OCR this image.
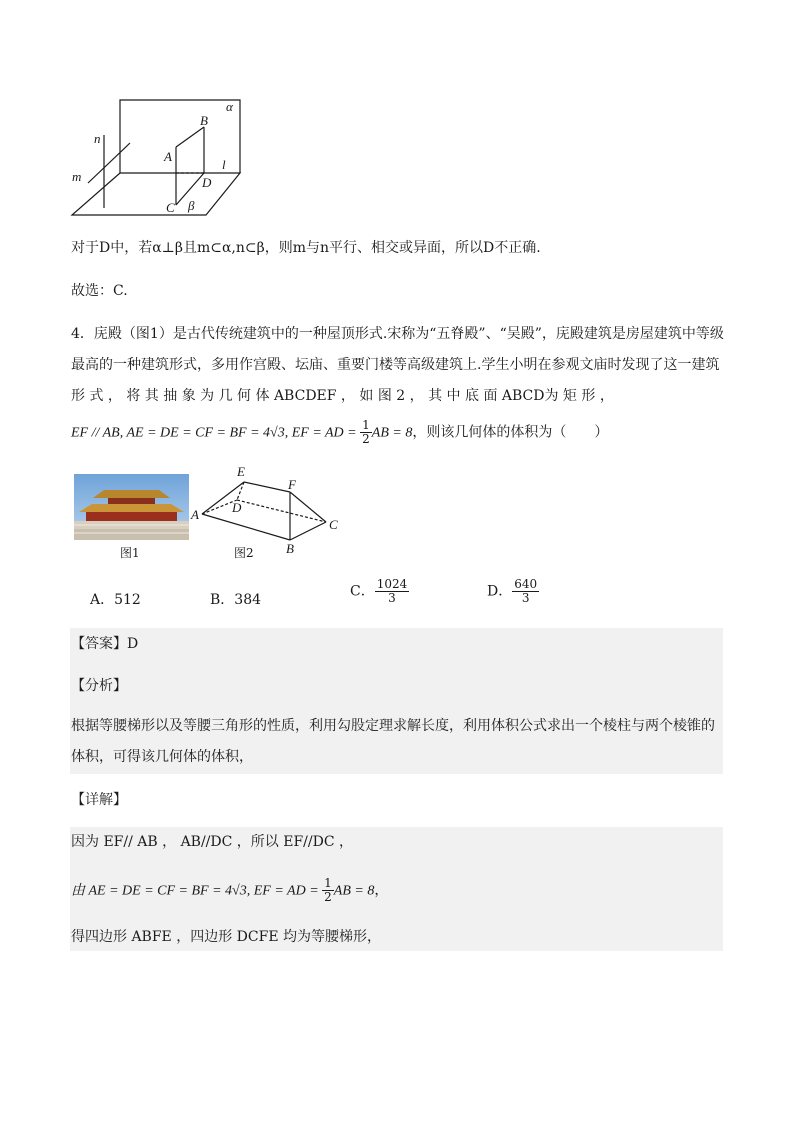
α
B
A
l
D
n
m
C β
对于D中，若α⊥β且m⊂α,n⊂β，则m与n平行、相交或异面，所以D不正确.
故选：C.
4．庑殿（图1）是古代传统建筑中的一种屋顶形式.宋称为“五脊殿”、“吴殿”，庑殿建筑是房屋建筑中等级
最高的一种建筑形式，多用作宫殿、坛庙、重要门楼等高级建筑上.学生小明在参观文庙时发现了这一建筑
形 式 ， 将 其 抽 象 为 几 何 体 ABCDEF ， 如 图 2 ， 其 中 底 面 ABCD为 矩 形 ，
EF // AB, AE = DE = CF = BF = 4√3, EF = AD = $\frac{1}{2}$ AB = 8，则该几何体的体积为（　　）
图1
E
F
A	D
C
B
图2
A．512	B．384
C． $\frac{1024}{3}$	D． $\frac{640}{3}$
【答案】D
【分析】
根据等腰梯形以及等腰三角形的性质，利用勾股定理求解长度，利用体积公式求出一个棱柱与两个棱锥的
体积，可得该几何体的体积，
【详解】
因为 EF// AB ， AB//DC ，所以 EF//DC ，
由 AE = DE = CF = BF = 4√3, EF = AD = $\frac{1}{2}$ AB = 8，
得四边形 ABFE ，四边形 DCFE 均为等腰梯形，
